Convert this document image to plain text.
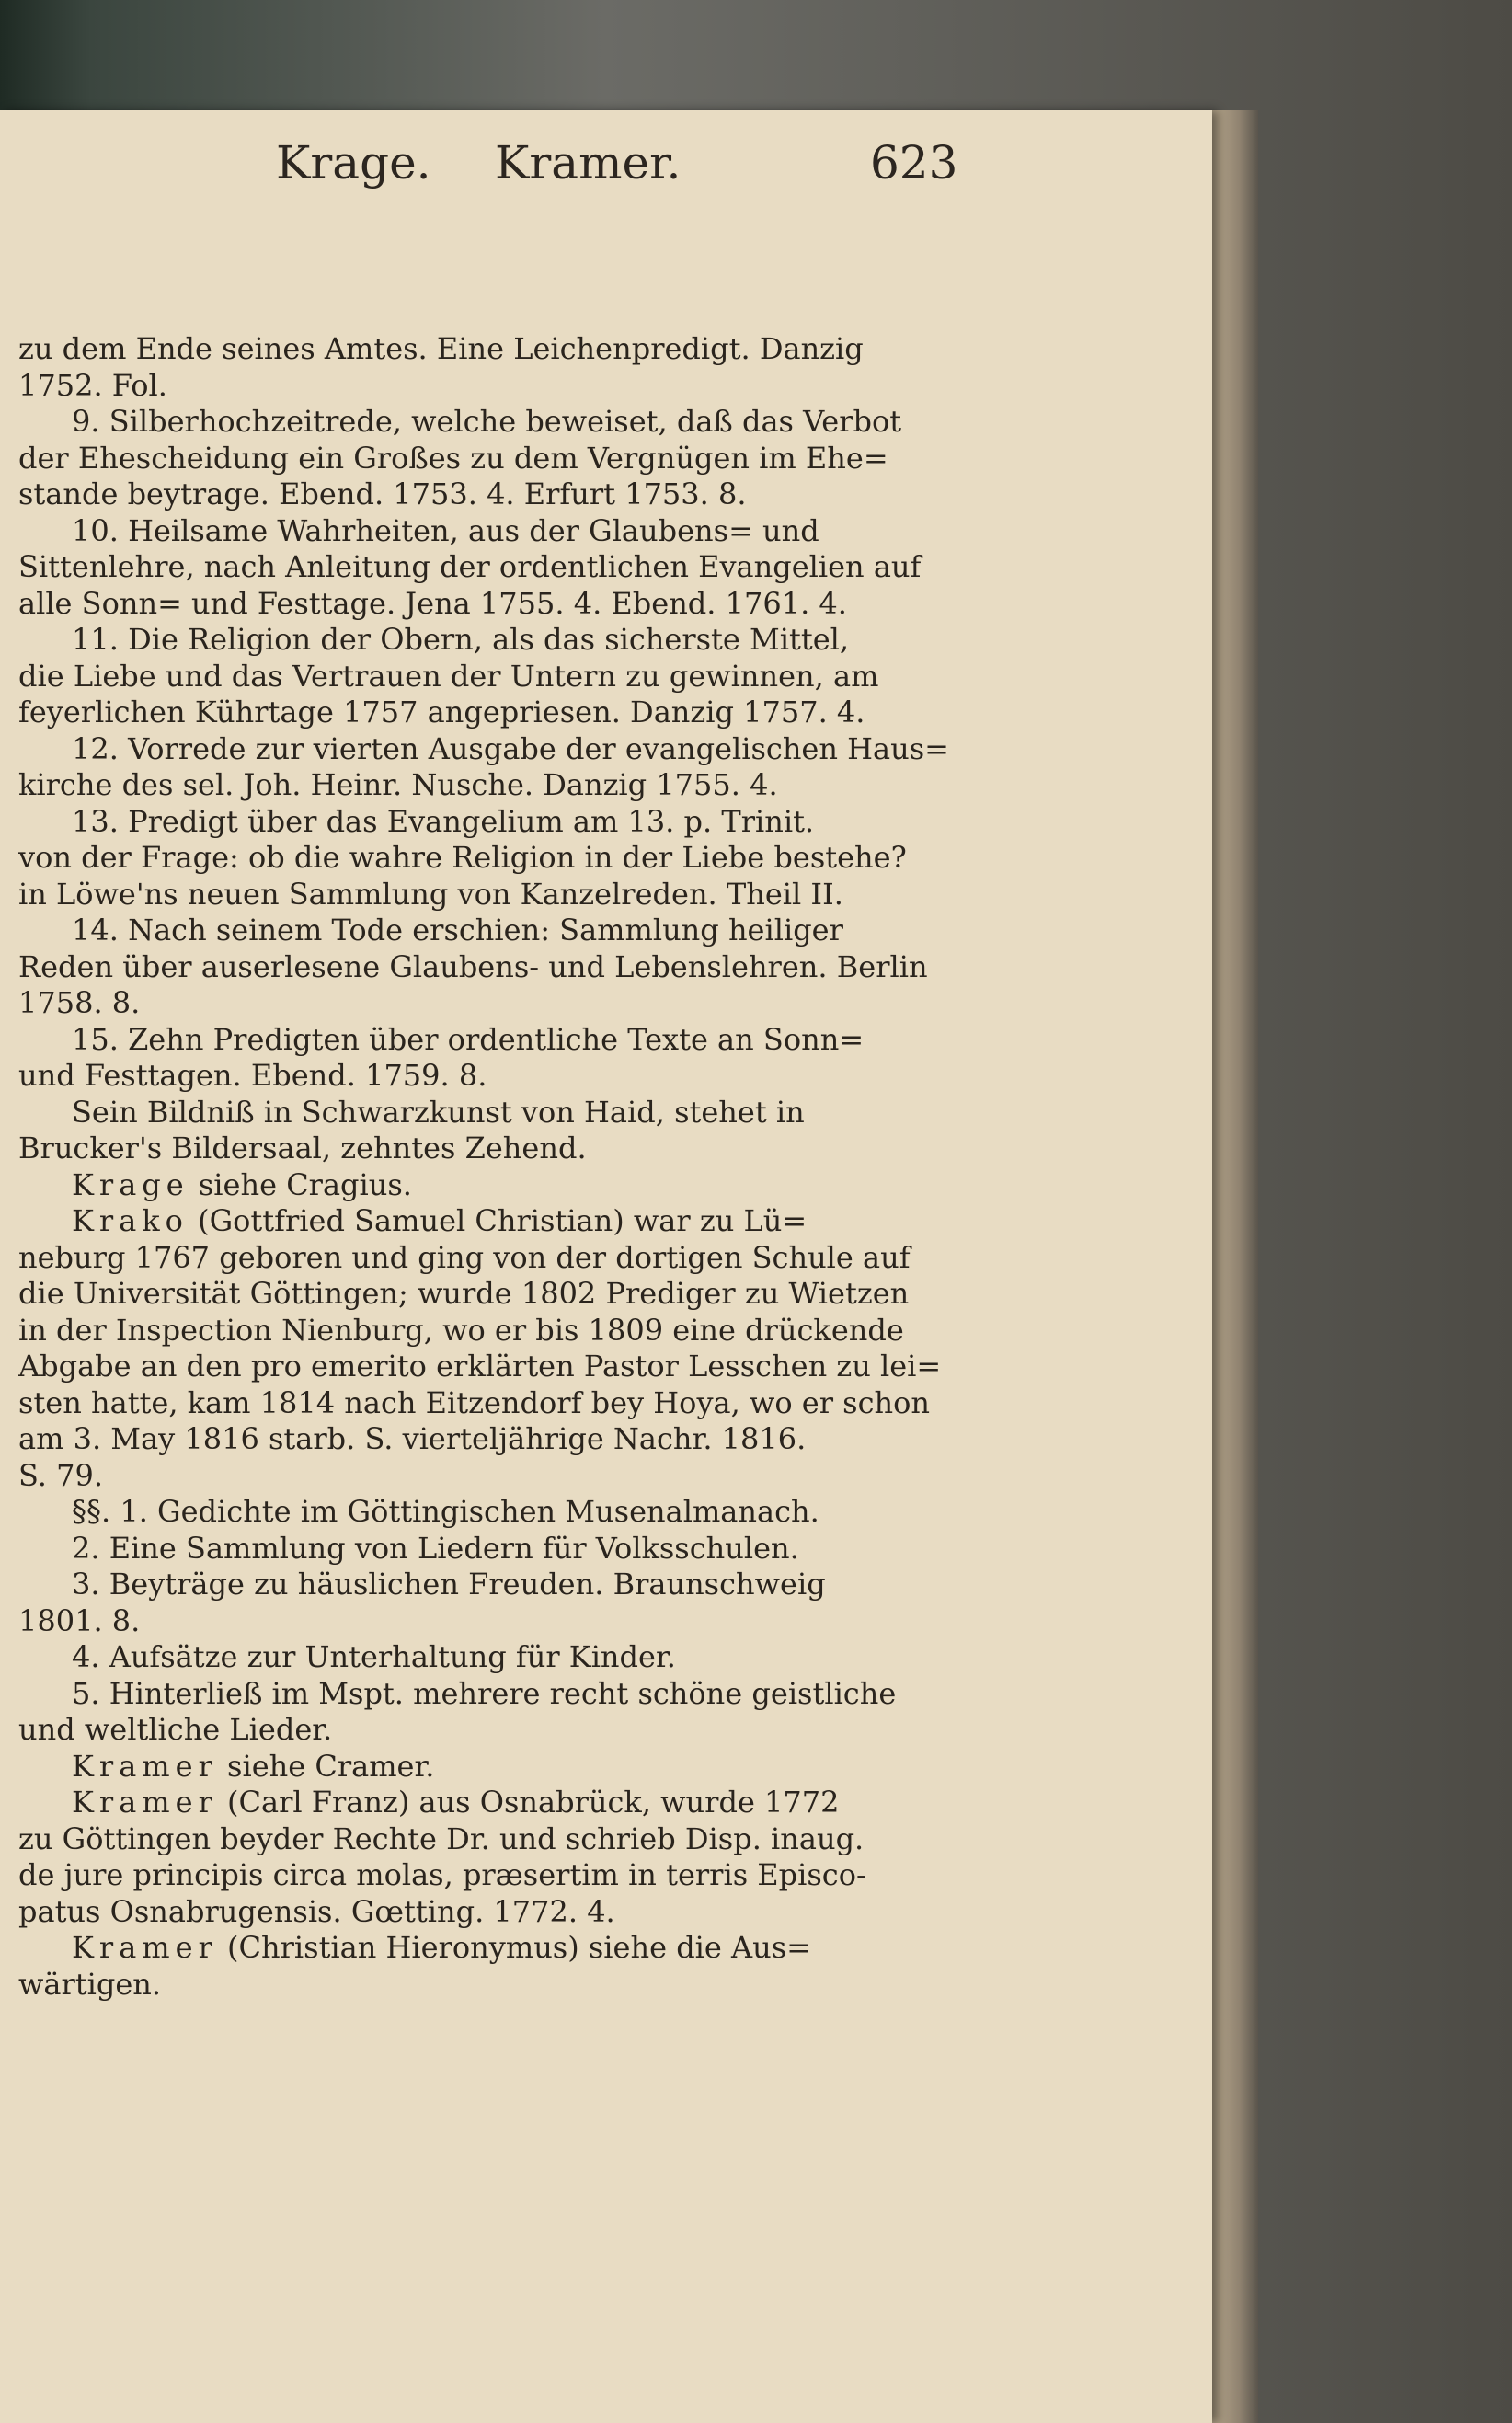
Krage. Kramer.	623
zu dem Ende seines Amtes. Eine Leichenpredigt. Danzig
1752. Fol.
9. Silberhochzeitrede, welche beweiset, daß das Verbot
der Ehescheidung ein Großes zu dem Vergnügen im Ehe=
stande beytrage. Ebend. 1753. 4. Erfurt 1753. 8.
10. Heilsame Wahrheiten, aus der Glaubens= und
Sittenlehre, nach Anleitung der ordentlichen Evangelien auf
alle Sonn= und Festtage. Jena 1755. 4. Ebend. 1761. 4.
11. Die Religion der Obern, als das sicherste Mittel,
die Liebe und das Vertrauen der Untern zu gewinnen, am
feyerlichen Kührtage 1757 angepriesen. Danzig 1757. 4.
12. Vorrede zur vierten Ausgabe der evangelischen Haus=
kirche des sel. Joh. Heinr. Nusche. Danzig 1755. 4.
13. Predigt über das Evangelium am 13. p. Trinit.
von der Frage: ob die wahre Religion in der Liebe bestehe?
in Löwe'ns neuen Sammlung von Kanzelreden. Theil II.
14. Nach seinem Tode erschien: Sammlung heiliger
Reden über auserlesene Glaubens- und Lebenslehren. Berlin
1758. 8.
15. Zehn Predigten über ordentliche Texte an Sonn=
und Festtagen. Ebend. 1759. 8.
Sein Bildniß in Schwarzkunst von Haid, stehet in
Brucker's Bildersaal, zehntes Zehend.
Krage siehe Cragius.
Krako (Gottfried Samuel Christian) war zu Lü=
neburg 1767 geboren und ging von der dortigen Schule auf
die Universität Göttingen; wurde 1802 Prediger zu Wietzen
in der Inspection Nienburg, wo er bis 1809 eine drückende
Abgabe an den pro emerito erklärten Pastor Lesschen zu lei=
sten hatte, kam 1814 nach Eitzendorf bey Hoya, wo er schon
am 3. May 1816 starb. S. vierteljährige Nachr. 1816.
S. 79.
§§. 1. Gedichte im Göttingischen Musenalmanach.
2. Eine Sammlung von Liedern für Volksschulen.
3. Beyträge zu häuslichen Freuden. Braunschweig
1801. 8.
4. Aufsätze zur Unterhaltung für Kinder.
5. Hinterließ im Mspt. mehrere recht schöne geistliche
und weltliche Lieder.
Kramer siehe Cramer.
Kramer (Carl Franz) aus Osnabrück, wurde 1772
zu Göttingen beyder Rechte Dr. und schrieb Disp. inaug.
de jure principis circa molas, præsertim in terris Episco-
patus Osnabrugensis. Gœtting. 1772. 4.
Kramer (Christian Hieronymus) siehe die Aus=
wärtigen.
